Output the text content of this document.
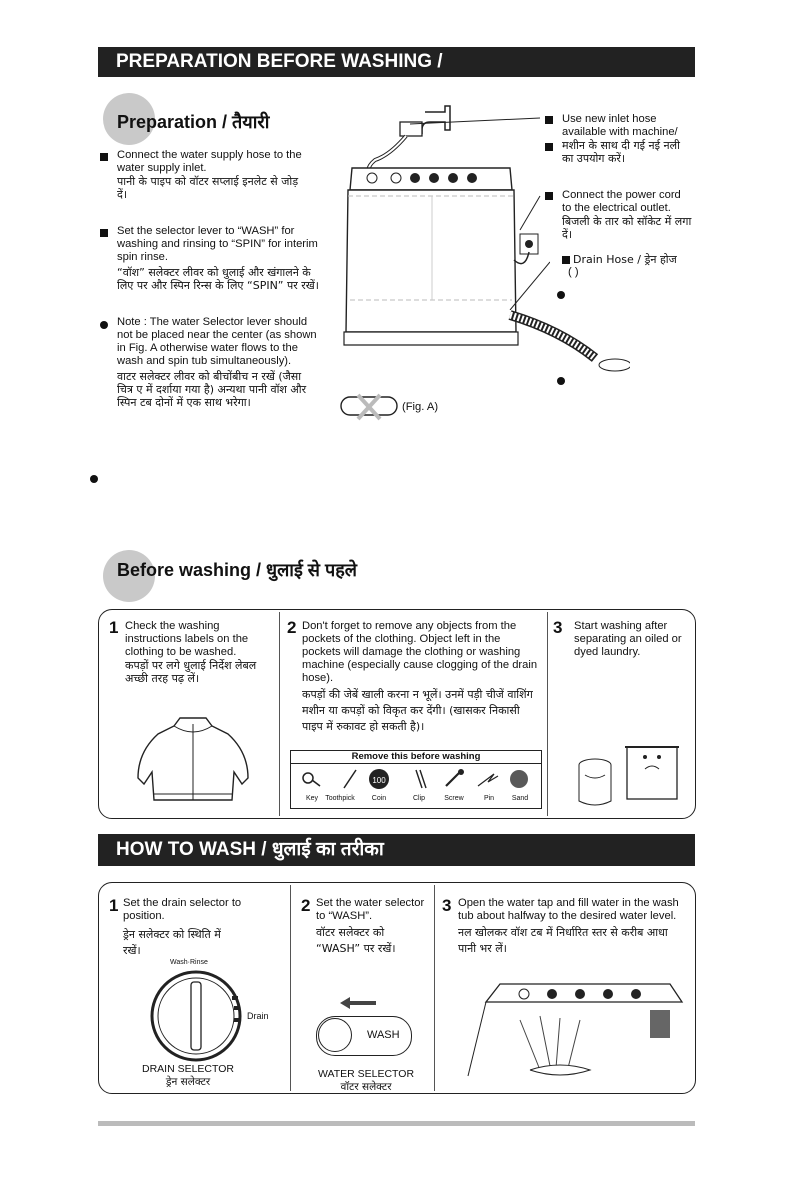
PREPARATION BEFORE WASHING /
Preparation / तैयारी
Connect the water supply hose to the water supply inlet.
पानी के पाइप को वॉटर सप्लाई इनलेट से जोड़ दें।
Set the selector lever to “WASH” for washing and rinsing to “SPIN” for interim spin rinse.
“वॉश” सलेक्टर लीवर को धुलाई और खंगालने के लिए पर और स्पिन रिन्स के लिए “SPIN” पर रखें।
Note : The water Selector lever should not be placed near the center (as shown in Fig. A otherwise water flows to the wash and spin tub simultaneously).
वाटर सलेक्टर लीवर को बीचोंबीच न रखें (जैसा चित्र ए में दर्शाया गया है) अन्यथा पानी वॉश और स्पिन टब दोनों में एक साथ भरेगा।	(Fig. A)
Use new inlet hose available with machine/
मशीन के साथ दी गई नई नली का उपयोग करें।
Connect the power cord to the electrical outlet.
बिजली के तार को सॉकेट में लगा दें।
Drain Hose / ड्रेन होज
( )
Before washing / धुलाई से पहले
1 Check the washing instructions labels on the clothing to be washed.
कपड़ों पर लगे धुलाई निर्देश लेबल अच्छी तरह पढ़ लें।
2 Don't forget to remove any objects from the pockets of the clothing. Object left in the pockets will damage the clothing or washing machine (especially cause clogging of the drain hose).
कपड़ों की जेबें खाली करना न भूलें। उनमें पड़ी चीजें वाशिंग मशीन या कपड़ों को विकृत कर देंगी। (खासकर निकासी पाइप में रुकावट हो सकती है)।
Remove this before washing
100
Key	Toothpick	Coin	Clip	Screw	Pin	Sand
3 Start washing after separating an oiled or dyed laundry.
HOW TO WASH / धुलाई का तरीका
1 Set the drain selector to position.
ड्रेन सलेक्टर को स्थिति में रखें।
Wash·Rinse
Drain
DRAIN SELECTOR
ड्रेन सलेक्टर
2 Set the water selector to “WASH”.
वॉटर सलेक्टर को “WASH” पर रखें।
WASH
WATER SELECTOR
वॉटर सलेक्टर
3 Open the water tap and fill water in the wash tub about halfway to the desired water level.
नल खोलकर वॉश टब में निर्धारित स्तर से करीब आधा पानी भर लें।
